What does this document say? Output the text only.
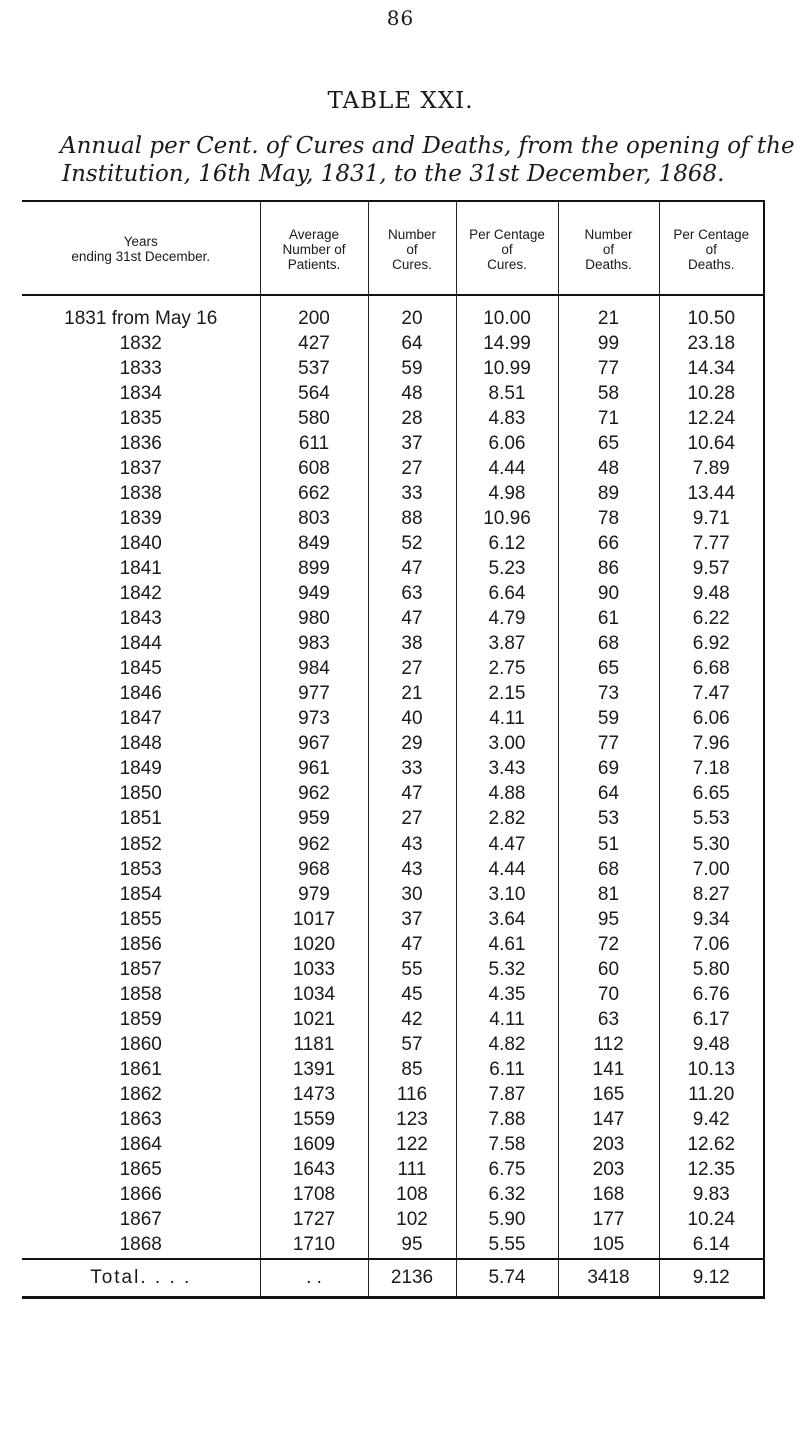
86
TABLE XXI.
Annual per Cent. of Cures and Deaths, from the opening of the
Institution, 16th May, 1831, to the 31st December, 1868.
Years
ending 31st December.	Average
Number of
Patients.	Number
of
Cures.	Per Centage
of
Cures.	Number
of
Deaths.	Per Centage
of
Deaths.
1831 from May 16	200	20	10.00	21	10.50
1832	427	64	14.99	99	23.18
1833	537	59	10.99	77	14.34
1834	564	48	8.51	58	10.28
1835	580	28	4.83	71	12.24
1836	611	37	6.06	65	10.64
1837	608	27	4.44	48	7.89
1838	662	33	4.98	89	13.44
1839	803	88	10.96	78	9.71
1840	849	52	6.12	66	7.77
1841	899	47	5.23	86	9.57
1842	949	63	6.64	90	9.48
1843	980	47	4.79	61	6.22
1844	983	38	3.87	68	6.92
1845	984	27	2.75	65	6.68
1846	977	21	2.15	73	7.47
1847	973	40	4.11	59	6.06
1848	967	29	3.00	77	7.96
1849	961	33	3.43	69	7.18
1850	962	47	4.88	64	6.65
1851	959	27	2.82	53	5.53
1852	962	43	4.47	51	5.30
1853	968	43	4.44	68	7.00
1854	979	30	3.10	81	8.27
1855	1017	37	3.64	95	9.34
1856	1020	47	4.61	72	7.06
1857	1033	55	5.32	60	5.80
1858	1034	45	4.35	70	6.76
1859	1021	42	4.11	63	6.17
1860	1181	57	4.82	112	9.48
1861	1391	85	6.11	141	10.13
1862	1473	116	7.87	165	11.20
1863	1559	123	7.88	147	9.42
1864	1609	122	7.58	203	12.62
1865	1643	111	6.75	203	12.35
1866	1708	108	6.32	168	9.83
1867	1727	102	5.90	177	10.24
1868	1710	95	5.55	105	6.14
Total. . . .	. .	2136	5.74	3418	9.12
